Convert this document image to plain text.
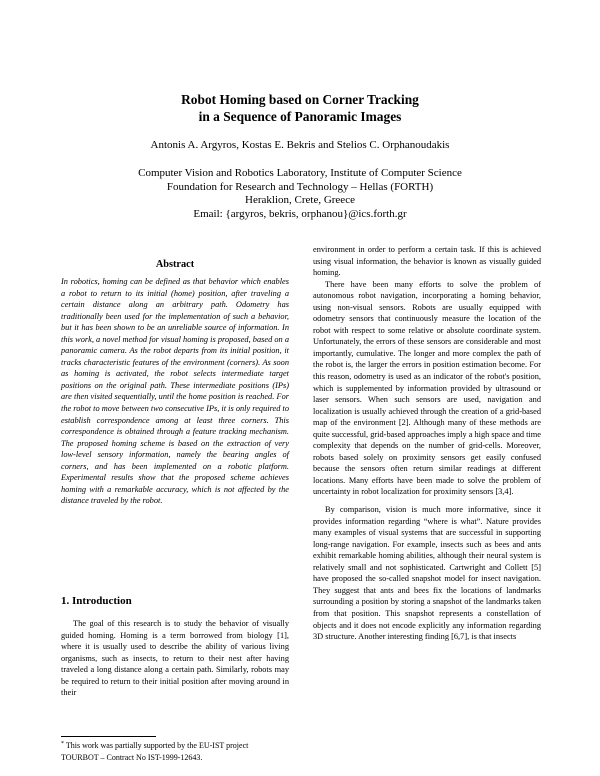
Robot Homing based on Corner Tracking
in a Sequence of Panoramic Images
Antonis A. Argyros, Kostas E. Bekris and Stelios C. Orphanoudakis
Computer Vision and Robotics Laboratory, Institute of Computer Science
Foundation for Research and Technology – Hellas (FORTH)
Heraklion, Crete, Greece
Email: {argyros, bekris, orphanou}@ics.forth.gr
Abstract
In robotics, homing can be defined as that behavior which enables a robot to return to its initial (home) position, after traveling a certain distance along an arbitrary path. Odometry has traditionally been used for the implementation of such a behavior, but it has been shown to be an unreliable source of information. In this work, a novel method for visual homing is proposed, based on a panoramic camera. As the robot departs from its initial position, it tracks characteristic features of the environment (corners). As soon as homing is activated, the robot selects intermediate target positions on the original path. These intermediate positions (IPs) are then visited sequentially, until the home position is reached. For the robot to move between two consecutive IPs, it is only required to establish correspondence among at least three corners. This correspondence is obtained through a feature tracking mechanism. The proposed homing scheme is based on the extraction of very low-level sensory information, namely the bearing angles of corners, and has been implemented on a robotic platform. Experimental results show that the proposed scheme achieves homing with a remarkable accuracy, which is not affected by the distance traveled by the robot.
1. Introduction

The goal of this research is to study the behavior of visually guided homing. Homing is a term borrowed from biology [1], where it is usually used to describe the ability of various living organisms, such as insects, to return to their nest after having traveled a long distance along a certain path. Similarly, robots may be required to return to their initial position after moving around in their

* This work was partially supported by the EU-IST project
TOURBOT – Contract No IST-1999-12643.

environment in order to perform a certain task. If this is achieved using visual information, the behavior is known as visually guided homing.

There have been many efforts to solve the problem of autonomous robot navigation, incorporating a homing behavior, using non-visual sensors. Robots are usually equipped with odometry sensors that continuously measure the location of the robot with respect to some relative or absolute coordinate system. Unfortunately, the errors of these sensors are considerable and most importantly, cumulative. The longer and more complex the path of the robot is, the larger the errors in position estimation become. For this reason, odometry is used as an indicator of the robot's position, which is supplemented by information provided by ultrasound or laser sensors. When such sensors are used, navigation and localization is usually achieved through the creation of a grid-based map of the environment [2]. Although many of these methods are quite successful, grid-based approaches imply a high space and time complexity that depends on the number of grid-cells. Moreover, robots based solely on proximity sensors get easily confused because the sensors often return similar readings at different locations. Many efforts have been made to solve the problem of uncertainty in robot localization for proximity sensors [3,4].

By comparison, vision is much more informative, since it provides information regarding “where is what”. Nature provides many examples of visual systems that are successful in supporting long-range navigation. For example, insects such as bees and ants exhibit remarkable homing abilities, although their neural system is relatively small and not sophisticated. Cartwright and Collett [5] have proposed the so-called snapshot model for insect navigation. They suggest that ants and bees fix the locations of landmarks surrounding a position by storing a snapshot of the landmarks taken from that position. This snapshot represents a constellation of objects and it does not encode explicitly any information regarding 3D structure. Another interesting finding [6,7], is that insects
